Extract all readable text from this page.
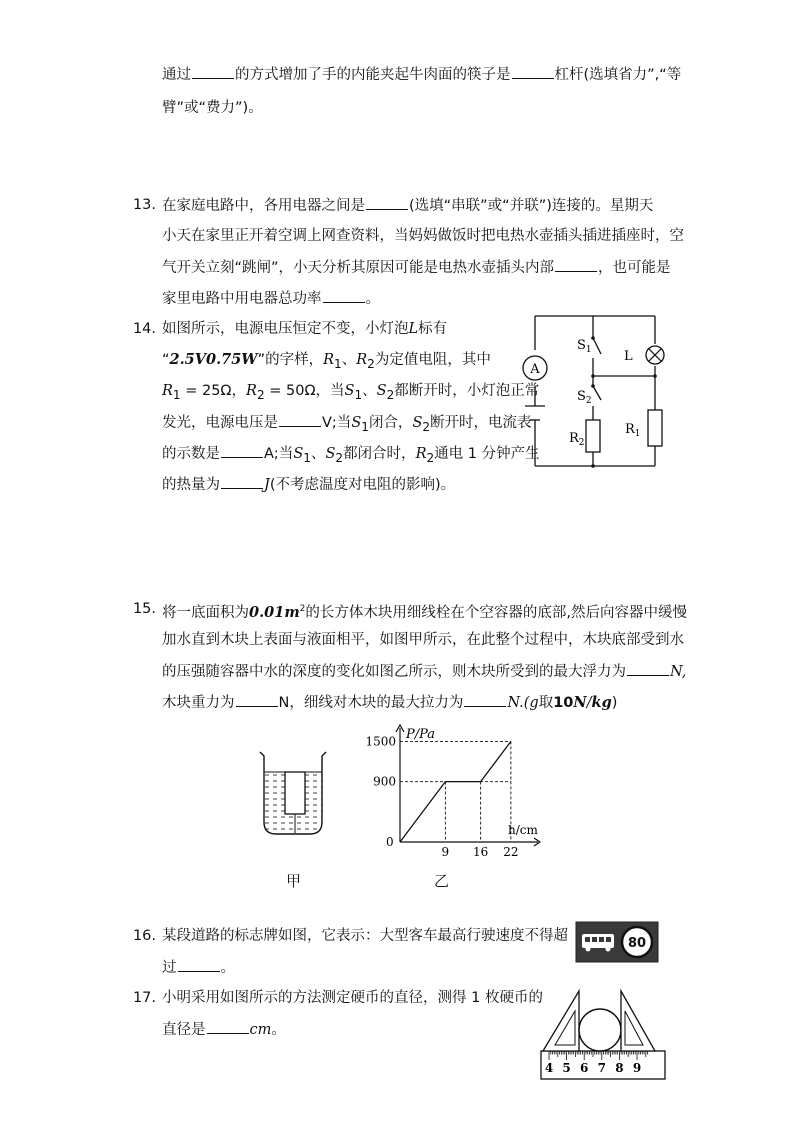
通过	的方式增加了手的内能夹起牛肉面的筷子是	杠杆(选填省力”,“等
臂”或“费力”)。
13. 在家庭电路中，各用电器之间是	(选填“串联”或“并联”)连接的。星期天
小天在家里正开着空调上网查资料，当妈妈做饭时把电热水壶插头插进插座时，空
气开关立刻“跳闸”，小天分析其原因可能是电热水壶插头内部	，也可能是
家里电路中用电器总功率	。
14. 如图所示，电源电压恒定不变，小灯泡L标有
“2.5V0.75W”的字样，$R_1$、$R_2$为定值电阻，其中
$R_1 = 25\Omega$，$R_2 = 50\Omega$，当$S_1$、$S_2$都断开时，小灯泡正常
发光，电源电压是	V;当$S_1$闭合，$S_2$断开时，电流表
的示数是	A;当$S_1$、$S_2$都闭合时，$R_2$通电 1 分钟产生
的热量为	J(不考虑温度对电阻的影响)。
A
$S_1$
$S_2$
L
$R_1$
$R_2$
15. 将一底面积为$0.01m^2$的长方体木块用细线栓在个空容器的底部,然后向容器中缓慢
加水直到木块上表面与液面相平，如图甲所示，在此整个过程中，木块底部受到水
的压强随容器中水的深度的变化如图乙所示，则木块所受到的最大浮力为	N,
木块重力为	N，细线对木块的最大拉力为	N.(g取10N/kg)
甲
900
1500
9 16 22
P/Pa
h/cm
0
乙
16. 某段道路的标志牌如图，它表示：大型客车最高行驶速度不得超
过	。
80
17. 小明采用如图所示的方法测定硬币的直径，测得 1 枚硬币的
直径是	cm。
4 5 6 7 8 9
